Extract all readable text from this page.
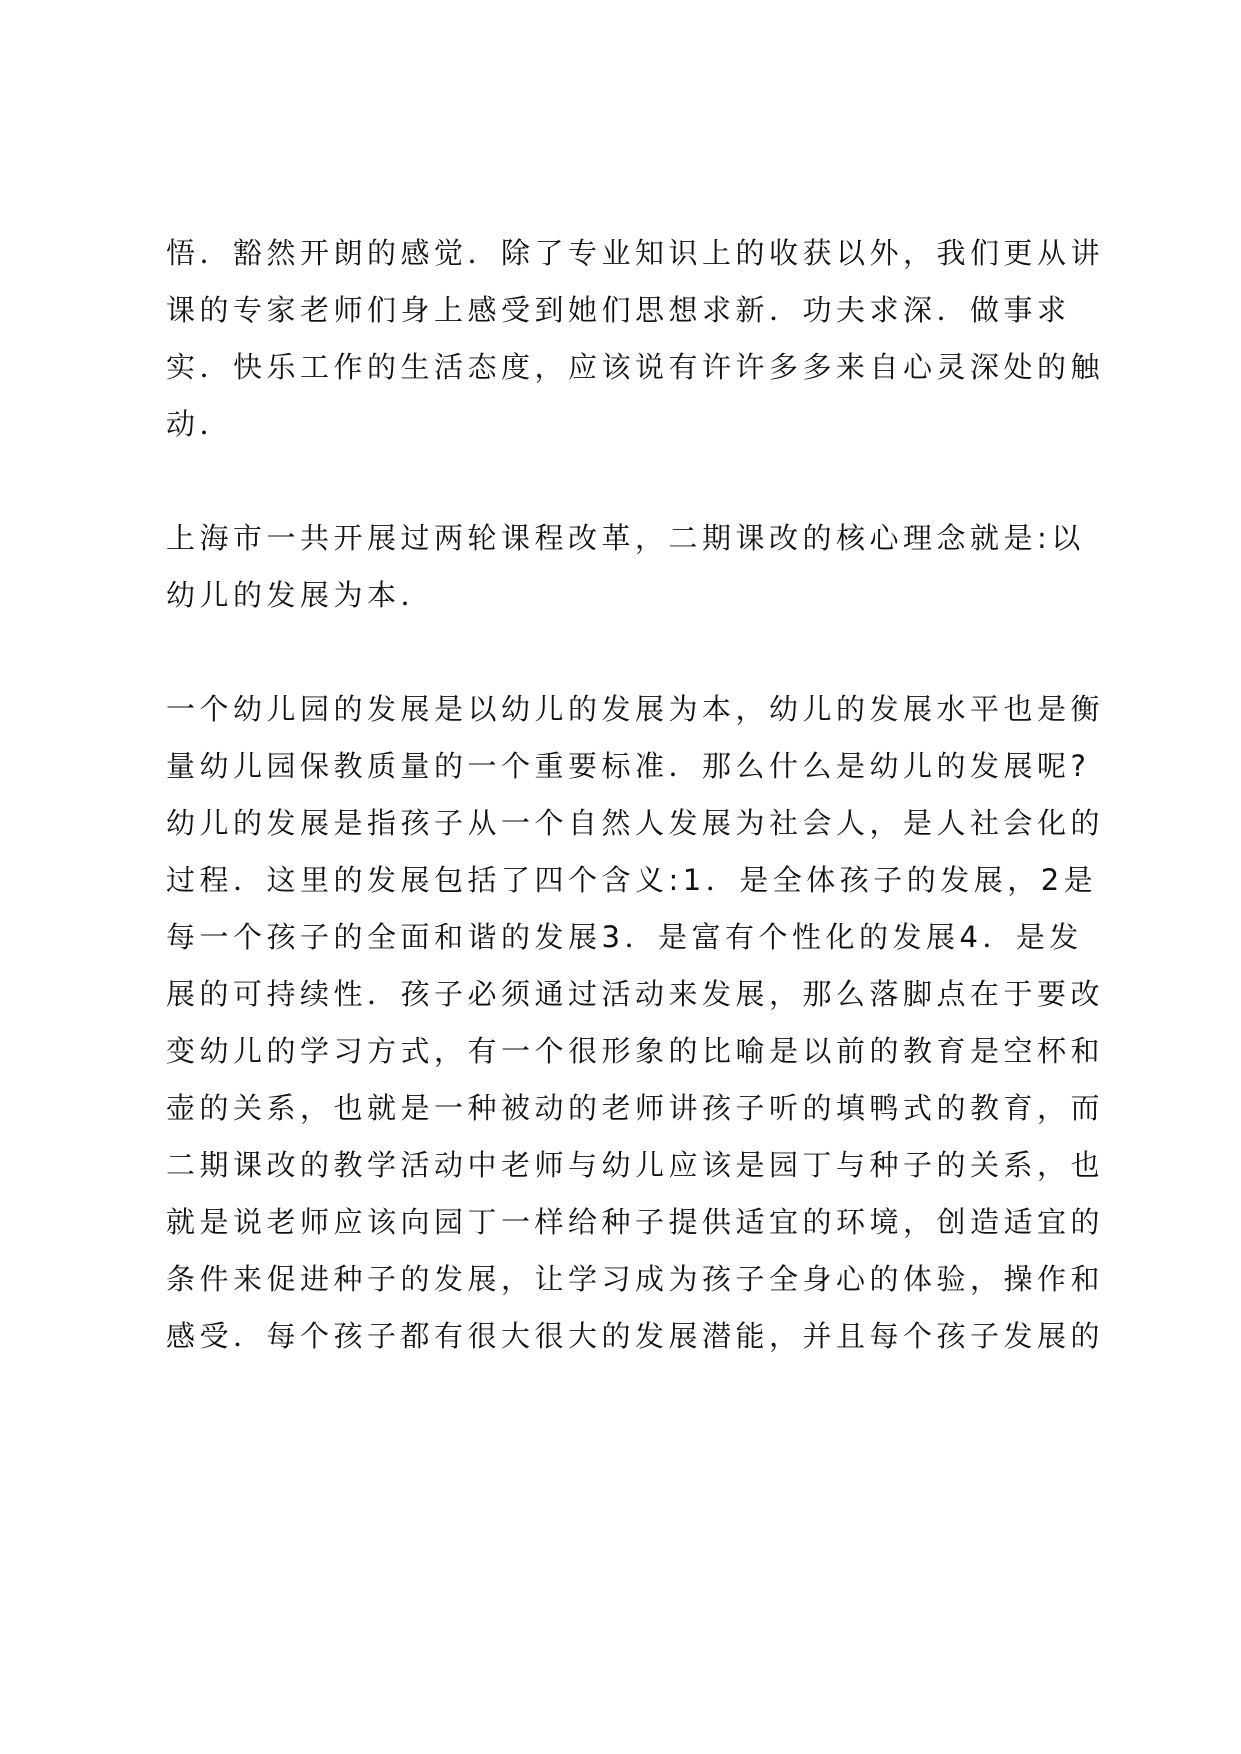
悟．豁然开朗的感觉．除了专业知识上的收获以外，我们更从讲
课的专家老师们身上感受到她们思想求新．功夫求深．做事求
实．快乐工作的生活态度，应该说有许许多多来自心灵深处的触
动．
上海市一共开展过两轮课程改革，二期课改的核心理念就是:以
幼儿的发展为本．
一个幼儿园的发展是以幼儿的发展为本，幼儿的发展水平也是衡
量幼儿园保教质量的一个重要标准．那么什么是幼儿的发展呢?
幼儿的发展是指孩子从一个自然人发展为社会人，是人社会化的
过程．这里的发展包括了四个含义:1．是全体孩子的发展，2是
每一个孩子的全面和谐的发展3．是富有个性化的发展4．是发
展的可持续性．孩子必须通过活动来发展，那么落脚点在于要改
变幼儿的学习方式，有一个很形象的比喻是以前的教育是空杯和
壶的关系，也就是一种被动的老师讲孩子听的填鸭式的教育，而
二期课改的教学活动中老师与幼儿应该是园丁与种子的关系，也
就是说老师应该向园丁一样给种子提供适宜的环境，创造适宜的
条件来促进种子的发展，让学习成为孩子全身心的体验，操作和
感受．每个孩子都有很大很大的发展潜能，并且每个孩子发展的
